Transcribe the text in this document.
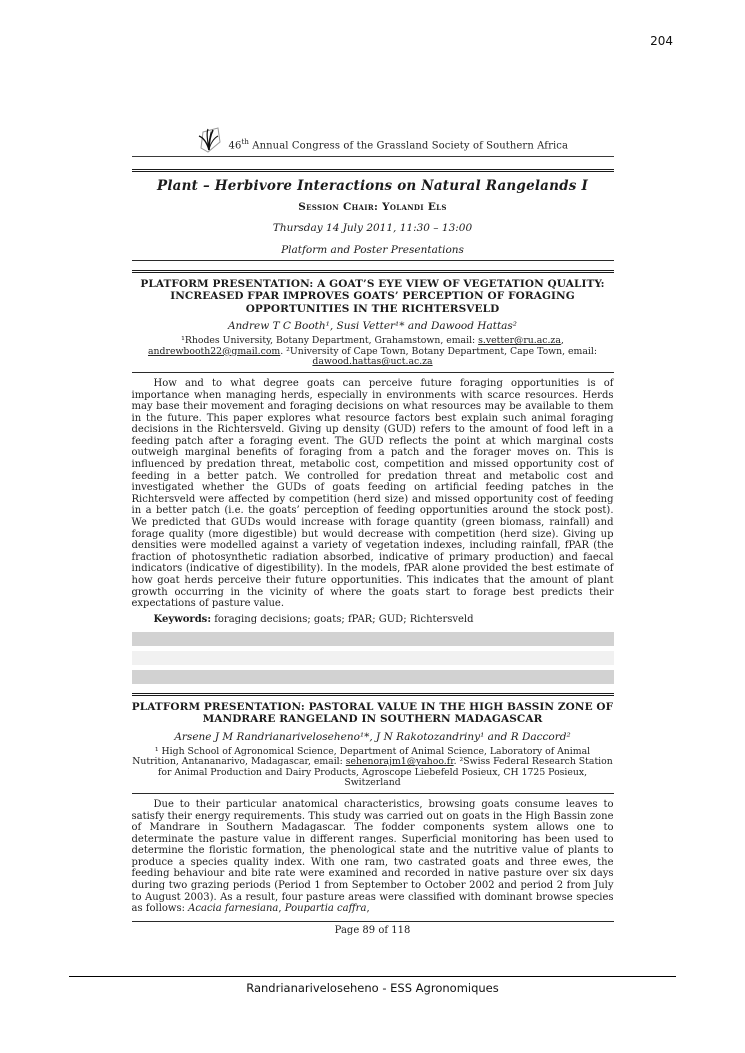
204
46th Annual Congress of the Grassland Society of Southern Africa
Plant – Herbivore Interactions on Natural Rangelands I
Session Chair: Yolandi Els
Thursday 14 July 2011, 11:30 – 13:00
Platform and Poster Presentations
PLATFORM PRESENTATION: A GOAT’S EYE VIEW OF VEGETATION QUALITY: INCREASED FPAR IMPROVES GOATS’ PERCEPTION OF FORAGING OPPORTUNITIES IN THE RICHTERSVELD
Andrew T C Booth¹, Susi Vetter¹* and Dawood Hattas²
¹Rhodes University, Botany Department, Grahamstown, email: s.vetter@ru.ac.za, andrewbooth22@gmail.com. ²University of Cape Town, Botany Department, Cape Town, email: dawood.hattas@uct.ac.za
How and to what degree goats can perceive future foraging opportunities is of importance when managing herds, especially in environments with scarce resources. Herds may base their movement and foraging decisions on what resources may be available to them in the future. This paper explores what resource factors best explain such animal foraging decisions in the Richtersveld. Giving up density (GUD) refers to the amount of food left in a feeding patch after a foraging event. The GUD reflects the point at which marginal costs outweigh marginal benefits of foraging from a patch and the forager moves on. This is influenced by predation threat, metabolic cost, competition and missed opportunity cost of feeding in a better patch. We controlled for predation threat and metabolic cost and investigated whether the GUDs of goats feeding on artificial feeding patches in the Richtersveld were affected by competition (herd size) and missed opportunity cost of feeding in a better patch (i.e. the goats’ perception of feeding opportunities around the stock post). We predicted that GUDs would increase with forage quantity (green biomass, rainfall) and forage quality (more digestible) but would decrease with competition (herd size). Giving up densities were modelled against a variety of vegetation indexes, including rainfall, fPAR (the fraction of photosynthetic radiation absorbed, indicative of primary production) and faecal indicators (indicative of digestibility). In the models, fPAR alone provided the best estimate of how goat herds perceive their future opportunities. This indicates that the amount of plant growth occurring in the vicinity of where the goats start to forage best predicts their expectations of pasture value.
Keywords: foraging decisions; goats; fPAR; GUD; Richtersveld
PLATFORM PRESENTATION: PASTORAL VALUE IN THE HIGH BASSIN ZONE OF MANDRARE RANGELAND IN SOUTHERN MADAGASCAR
Arsene J M Randrianariveloseheno¹*, J N Rakotozandriny¹ and R Daccord²
¹ High School of Agronomical Science, Department of Animal Science, Laboratory of Animal Nutrition, Antananarivo, Madagascar, email: sehenorajm1@yahoo.fr. ²Swiss Federal Research Station for Animal Production and Dairy Products, Agroscope Liebefeld Posieux, CH 1725 Posieux, Switzerland
Due to their particular anatomical characteristics, browsing goats consume leaves to satisfy their energy requirements. This study was carried out on goats in the High Bassin zone of Mandrare in Southern Madagascar. The fodder components system allows one to determinate the pasture value in different ranges. Superficial monitoring has been used to determine the floristic formation, the phenological state and the nutritive value of plants to produce a species quality index. With one ram, two castrated goats and three ewes, the feeding behaviour and bite rate were examined and recorded in native pasture over six days during two grazing periods (Period 1 from September to October 2002 and period 2 from July to August 2003). As a result, four pasture areas were classified with dominant browse species as follows: Acacia farnesiana, Poupartia caffra,
Page 89 of 118
Randrianariveloseheno - ESS Agronomiques
